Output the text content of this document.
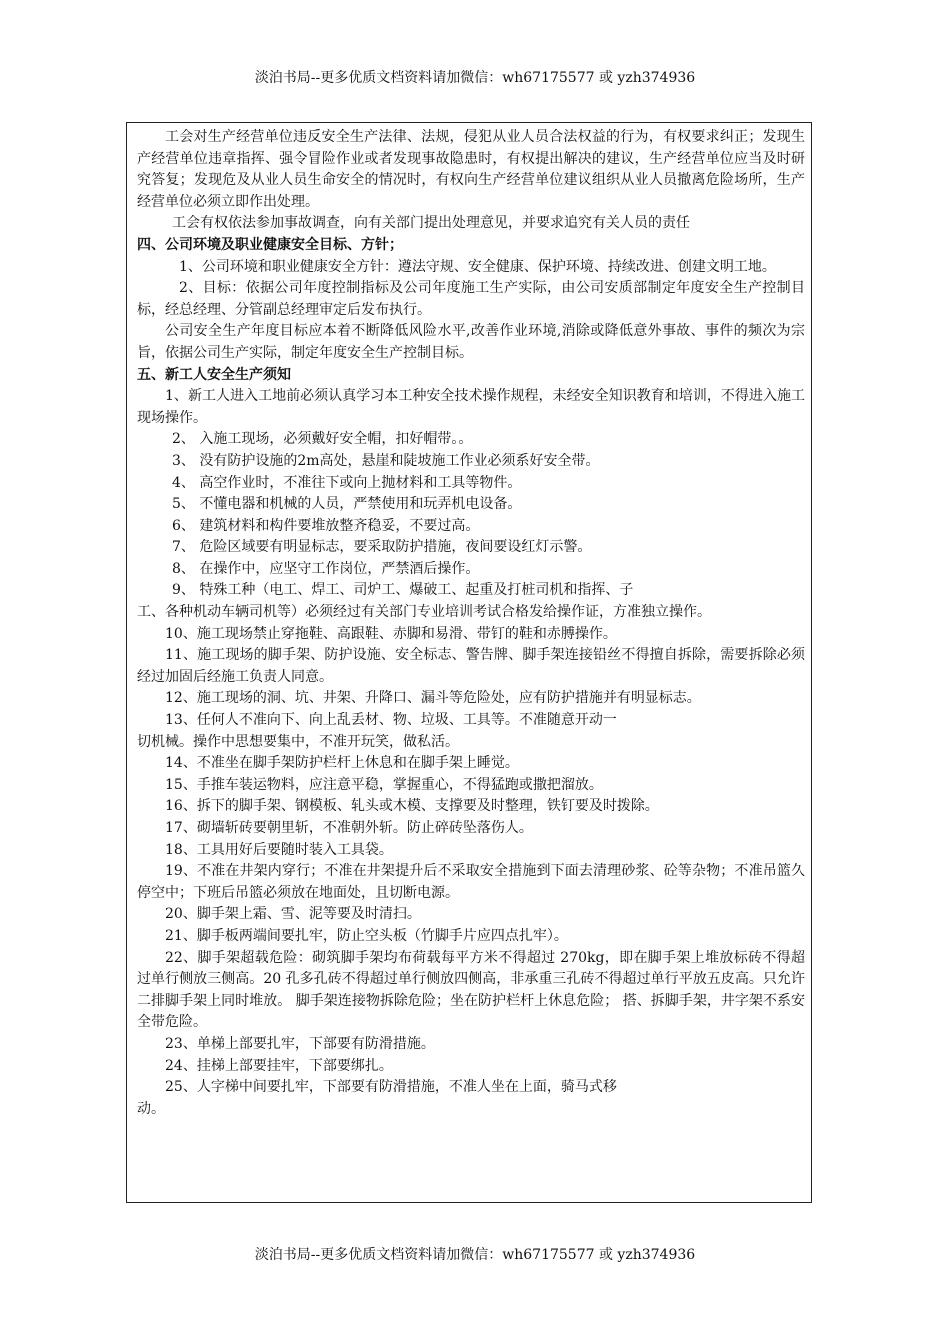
淡泊书局--更多优质文档资料请加微信：wh67175577 或 yzh374936

工会对生产经营单位违反安全生产法律、法规，侵犯从业人员合法权益的行为，有权要求纠正；发现生产经营单位违章指挥、强令冒险作业或者发现事故隐患时，有权提出解决的建议，生产经营单位应当及时研究答复；发现危及从业人员生命安全的情况时，有权向生产经营单位建议组织从业人员撤离危险场所，生产经营单位必须立即作出处理。

工会有权依法参加事故调查，向有关部门提出处理意见，并要求追究有关人员的责任

四、公司环境及职业健康安全目标、方针；

1、公司环境和职业健康安全方针：遵法守规、安全健康、保护环境、持续改进、创建文明工地。

2、目标：依据公司年度控制指标及公司年度施工生产实际，由公司安质部制定年度安全生产控制目标，经总经理、分管副总经理审定后发布执行。

公司安全生产年度目标应本着不断降低风险水平,改善作业环境,消除或降低意外事故、事件的频次为宗旨，依据公司生产实际，制定年度安全生产控制目标。

五、新工人安全生产须知

1、新工人进入工地前必须认真学习本工种安全技术操作规程，未经安全知识教育和培训，不得进入施工现场操作。

2、 入施工现场，必须戴好安全帽，扣好帽带。。

3、 没有防护设施的2m高处，悬崖和陡坡施工作业必须系好安全带。

4、 高空作业时，不准往下或向上抛材料和工具等物件。

5、 不懂电器和机械的人员，严禁使用和玩弄机电设备。

6、 建筑材料和构件要堆放整齐稳妥，不要过高。

7、 危险区域要有明显标志，要采取防护措施，夜间要设红灯示警。

8、 在操作中，应坚守工作岗位，严禁酒后操作。

9、 特殊工种（电工、焊工、司炉工、爆破工、起重及打桩司机和指挥、子

工、各种机动车辆司机等）必须经过有关部门专业培训考试合格发给操作证，方准独立操作。

10、施工现场禁止穿拖鞋、高跟鞋、赤脚和易滑、带钉的鞋和赤膊操作。

11、施工现场的脚手架、防护设施、安全标志、警告牌、脚手架连接铅丝不得擅自拆除，需要拆除必须经过加固后经施工负责人同意。

12、施工现场的洞、坑、井架、升降口、漏斗等危险处，应有防护措施并有明显标志。

13、任何人不准向下、向上乱丢材、物、垃圾、工具等。不准随意开动一

切机械。操作中思想要集中，不准开玩笑，做私活。

14、不准坐在脚手架防护栏杆上休息和在脚手架上睡觉。

15、手推车装运物料，应注意平稳，掌握重心，不得猛跑或撒把溜放。

16、拆下的脚手架、钢模板、轧头或木模、支撑要及时整理，铁钉要及时拨除。

17、砌墙斩砖要朝里斩，不准朝外斩。防止碎砖坠落伤人。

18、工具用好后要随时装入工具袋。

19、不准在井架内穿行；不准在井架提升后不采取安全措施到下面去清理砂浆、砼等杂物；不准吊篮久停空中；下班后吊篮必须放在地面处，且切断电源。

20、脚手架上霜、雪、泥等要及时清扫。

21、脚手板两端间要扎牢，防止空头板（竹脚手片应四点扎牢）。

22、脚手架超载危险：砌筑脚手架均布荷载每平方米不得超过 270kg，即在脚手架上堆放标砖不得超过单行侧放三侧高。20 孔多孔砖不得超过单行侧放四侧高，非承重三孔砖不得超过单行平放五皮高。只允许二排脚手架上同时堆放。 脚手架连接物拆除危险；坐在防护栏杆上休息危险； 搭、拆脚手架，井字架不系安全带危险。

23、单梯上部要扎牢，下部要有防滑措施。

24、挂梯上部要挂牢，下部要绑扎。

25、人字梯中间要扎牢，下部要有防滑措施，不准人坐在上面，骑马式移

动。

淡泊书局--更多优质文档资料请加微信：wh67175577 或 yzh374936
